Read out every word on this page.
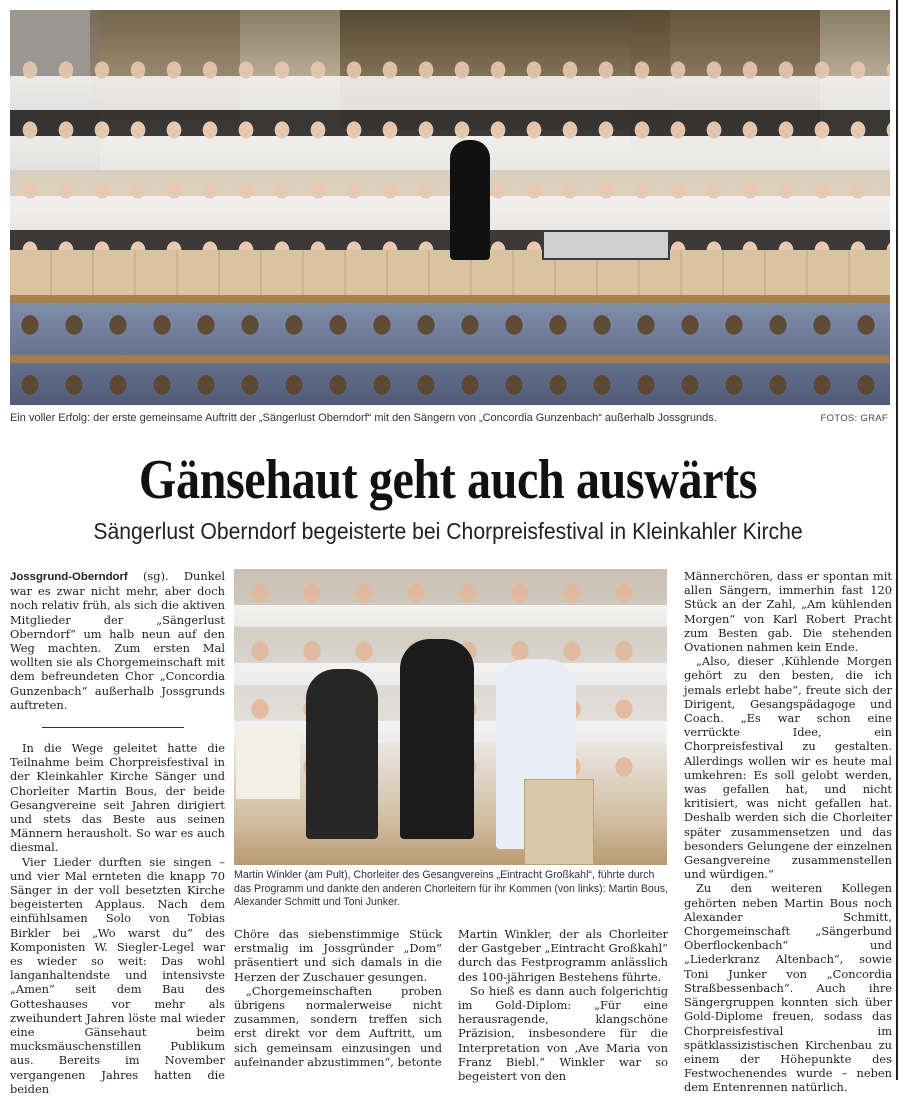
Ein voller Erfolg: der erste gemeinsame Auftritt der „Sängerlust Oberndorf“ mit den Sängern von „Concordia Gunzenbach“ außerhalb Jossgrunds.	FOTOS: GRAF
Gänsehaut geht auch auswärts
Sängerlust Oberndorf begeisterte bei Chorpreisfestival in Kleinkahler Kirche

Jossgrund-Oberndorf (sg). Dunkel war es zwar nicht mehr, aber doch noch relativ früh, als sich die aktiven Mitglieder der „Sängerlust Oberndorf“ um halb neun auf den Weg machten. Zum ersten Mal wollten sie als Chorgemeinschaft mit dem befreundeten Chor „Concordia Gunzenbach“ außerhalb Jossgrunds auftreten.

In die Wege geleitet hatte die Teilnahme beim Chorpreisfestival in der Kleinkahler Kirche Sänger und Chorleiter Martin Bous, der beide Gesangvereine seit Jahren dirigiert und stets das Beste aus seinen Männern herausholt. So war es auch diesmal.

Vier Lieder durften sie singen – und vier Mal ernteten die knapp 70 Sänger in der voll besetzten Kirche begeisterten Applaus. Nach dem einfühlsamen Solo von Tobias Birkler bei „Wo warst du“ des Komponisten W. Siegler-Legel war es wieder so weit: Das wohl langanhaltendste und intensivste „Amen“ seit dem Bau des Gotteshauses vor mehr als zweihundert Jahren löste mal wieder eine Gänsehaut beim mucksmäuschenstillen Publikum aus. Bereits im November vergangenen Jahres hatten die beiden

Martin Winkler (am Pult), Chorleiter des Gesangvereins „Eintracht Großkahl“, führte durch das Programm und dankte den anderen Chorleitern für ihr Kommen (von links): Martin Bous, Alexander Schmitt und Toni Junker.

Chöre das siebenstimmige Stück erstmalig im Jossgründer „Dom“ präsentiert und sich damals in die Herzen der Zuschauer gesungen.

„Chorgemeinschaften proben übrigens normalerweise nicht zusammen, sondern treffen sich erst direkt vor dem Auftritt, um sich gemeinsam einzusingen und aufeinander abzustimmen“, betonte

Martin Winkler, der als Chorleiter der Gastgeber „Eintracht Großkahl“ durch das Festprogramm anlässlich des 100-jährigen Bestehens führte.

So hieß es dann auch folgerichtig im Gold-Diplom: „Für eine herausragende, klangschöne Präzision, insbesondere für die Interpretation von ‚Ave Maria von Franz Biebl.“ Winkler war so begeistert von den

Männerchören, dass er spontan mit allen Sängern, immerhin fast 120 Stück an der Zahl, „Am kühlenden Morgen“ von Karl Robert Pracht zum Besten gab. Die stehenden Ovationen nahmen kein Ende.

„Also, dieser ‚Kühlende Morgen gehört zu den besten, die ich jemals erlebt habe“, freute sich der Dirigent, Gesangspädagoge und Coach. „Es war schon eine verrückte Idee, ein Chorpreisfestival zu gestalten. Allerdings wollen wir es heute mal umkehren: Es soll gelobt werden, was gefallen hat, und nicht kritisiert, was nicht gefallen hat. Deshalb werden sich die Chorleiter später zusammensetzen und das besonders Gelungene der einzelnen Gesangvereine zusammenstellen und würdigen.“

Zu den weiteren Kollegen gehörten neben Martin Bous noch Alexander Schmitt, Chorgemeinschaft „Sängerbund Oberflockenbach“ und „Liederkranz Altenbach“, sowie Toni Junker von „Concordia Straßbessenbach“. Auch ihre Sängergruppen konnten sich über Gold-Diplome freuen, sodass das Chorpreisfestival im spätklassizistischen Kirchenbau zu einem der Höhepunkte des Festwochenendes wurde – neben dem Entenrennen natürlich.
